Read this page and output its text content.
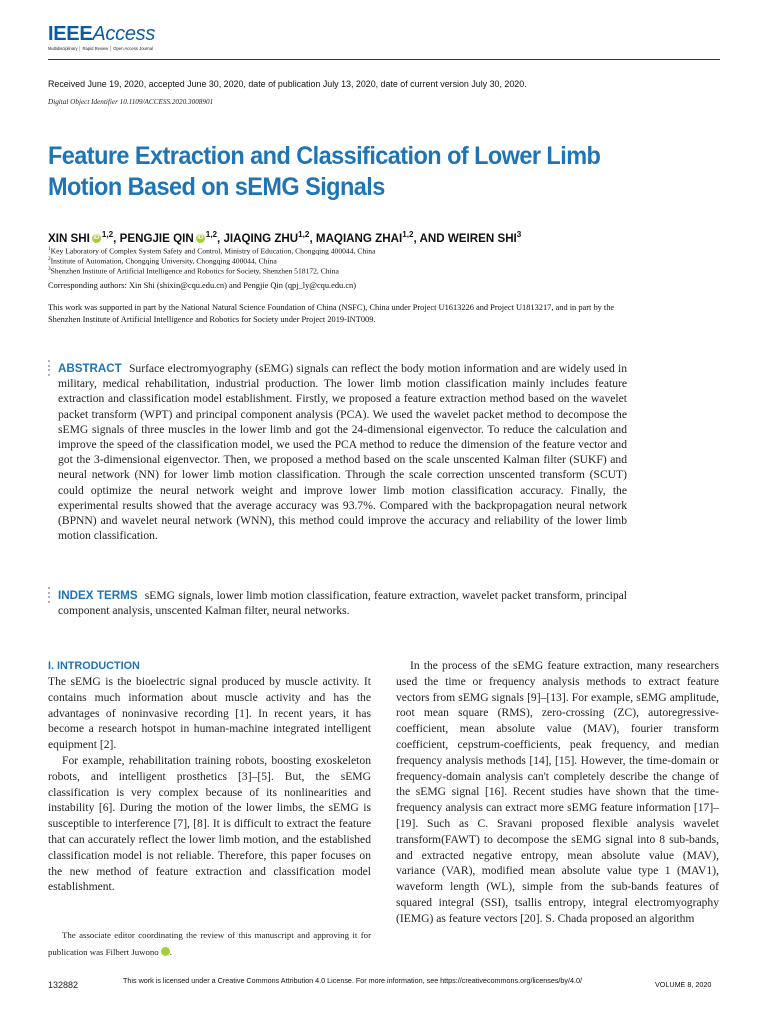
IEEEAccess
Multidisciplinary │ Rapid Review │ Open Access Journal
Received June 19, 2020, accepted June 30, 2020, date of publication July 13, 2020, date of current version July 30, 2020.
Digital Object Identifier 10.1109/ACCESS.2020.3008901
Feature Extraction and Classification of Lower Limb Motion Based on sEMG Signals
XIN SHI iD $^{1,2}$, PENGJIE QIN iD $^{1,2}$, JIAQING ZHU$^{1,2}$, MAQIANG ZHAI$^{1,2}$, AND WEIREN SHI$^3$
$^1$Key Laboratory of Complex System Safety and Control, Ministry of Education, Chongqing 400044, China
$^2$Institute of Automation, Chongqing University, Chongqing 400044, China
$^3$Shenzhen Institute of Artificial Intelligence and Robotics for Society, Shenzhen 518172, China
Corresponding authors: Xin Shi (shixin@cqu.edu.cn) and Pengjie Qin (qpj_ly@cqu.edu.cn)
This work was supported in part by the National Natural Science Foundation of China (NSFC), China under Project U1613226 and Project U1813217, and in part by the Shenzhen Institute of Artificial Intelligence and Robotics for Society under Project 2019-INT009.
ABSTRACT Surface electromyography (sEMG) signals can reflect the body motion information and are widely used in military, medical rehabilitation, industrial production. The lower limb motion classification mainly includes feature extraction and classification model establishment. Firstly, we proposed a feature extraction method based on the wavelet packet transform (WPT) and principal component analysis (PCA). We used the wavelet packet method to decompose the sEMG signals of three muscles in the lower limb and got the 24-dimensional eigenvector. To reduce the calculation and improve the speed of the classification model, we used the PCA method to reduce the dimension of the feature vector and got the 3-dimensional eigenvector. Then, we proposed a method based on the scale unscented Kalman filter (SUKF) and neural network (NN) for lower limb motion classification. Through the scale correction unscented transform (SCUT) could optimize the neural network weight and improve lower limb motion classification accuracy. Finally, the experimental results showed that the average accuracy was 93.7%. Compared with the backpropagation neural network (BPNN) and wavelet neural network (WNN), this method could improve the accuracy and reliability of the lower limb motion classification.
INDEX TERMS sEMG signals, lower limb motion classification, feature extraction, wavelet packet transform, principal component analysis, unscented Kalman filter, neural networks.
I. INTRODUCTION

The sEMG is the bioelectric signal produced by muscle activity. It contains much information about muscle activity and has the advantages of noninvasive recording [1]. In recent years, it has become a research hotspot in human-machine integrated intelligent equipment [2].

For example, rehabilitation training robots, boosting exoskeleton robots, and intelligent prosthetics [3]–[5]. But, the sEMG classification is very complex because of its nonlinearities and instability [6]. During the motion of the lower limbs, the sEMG is susceptible to interference [7], [8]. It is difficult to extract the feature that can accurately reflect the lower limb motion, and the established classification model is not reliable. Therefore, this paper focuses on the new method of feature extraction and classification model establishment.

In the process of the sEMG feature extraction, many researchers used the time or frequency analysis methods to extract feature vectors from sEMG signals [9]–[13]. For example, sEMG amplitude, root mean square (RMS), zero-crossing (ZC), autoregressive-coefficient, mean absolute value (MAV), fourier transform coefficient, cepstrum-coefficients, peak frequency, and median frequency analysis methods [14], [15]. However, the time-domain or frequency-domain analysis can't completely describe the change of the sEMG signal [16]. Recent studies have shown that the time-frequency analysis can extract more sEMG feature information [17]–[19]. Such as C. Sravani proposed flexible analysis wavelet transform(FAWT) to decompose the sEMG signal into 8 sub-bands, and extracted negative entropy, mean absolute value (MAV), variance (VAR), modified mean absolute value type 1 (MAV1), waveform length (WL), simple from the sub-bands features of squared integral (SSI), tsallis entropy, integral electromyography (IEMG) as feature vectors [20]. S. Chada proposed an algorithm

The associate editor coordinating the review of this manuscript and approving it for publication was Filbert Juwono	iD.
132882	This work is licensed under a Creative Commons Attribution 4.0 License. For more information, see https://creativecommons.org/licenses/by/4.0/	VOLUME 8, 2020
